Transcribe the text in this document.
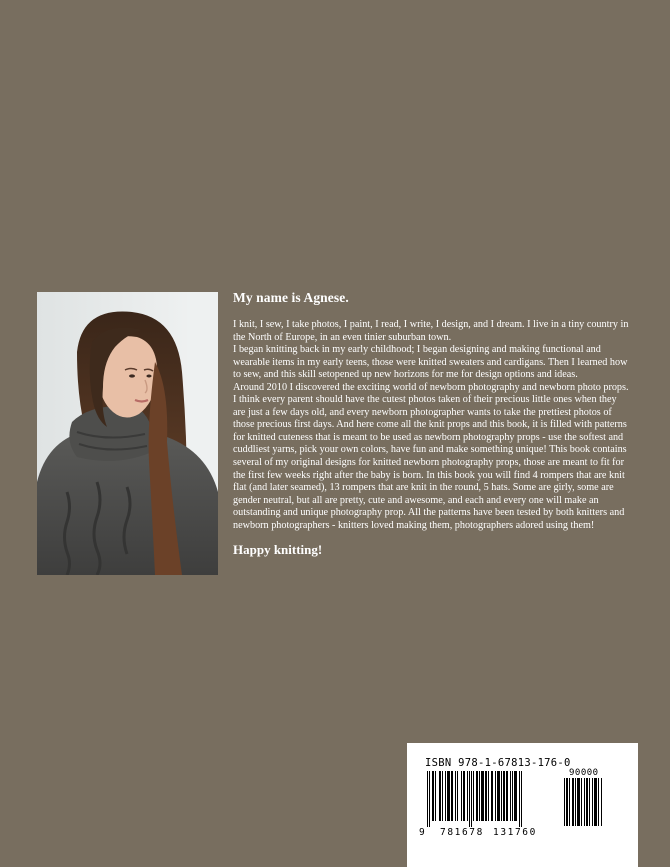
My name is Agnese.

I knit, I sew, I take photos, I paint, I read, I write, I design, and I dream. I live in a tiny country in the North of Europe, in an even tinier suburban town.

I began knitting back in my early childhood; I began designing and making functional and wearable items in my early teens, those were knitted sweaters and cardigans. Then I learned how to sew, and this skill setopened up new horizons for me for design options and ideas.

Around 2010 I discovered the exciting world of newborn photography and newborn photo props. I think every parent should have the cutest photos taken of their precious little ones when they are just a few days old, and every newborn photographer wants to take the prettiest photos of those precious first days. And here come all the knit props and this book, it is filled with patterns for knitted cuteness that is meant to be used as newborn photography props - use the softest and cuddliest yarns, pick your own colors, have fun and make something unique! This book contains several of my original designs for knitted newborn photography props, those are meant to fit for the first few weeks right after the baby is born. In this book you will find 4 rompers that are knit flat (and later seamed), 13 rompers that are knit in the round, 5 hats. Some are girly, some are gender neutral, but all are pretty, cute and awesome, and each and every one will make an outstanding and unique photography prop. All the patterns have been tested by both knitters and newborn photographers - knitters loved making them, photographers adored using them!

Happy knitting!
ISBN 978-1-67813-176-0
90000
9 781678 131760
